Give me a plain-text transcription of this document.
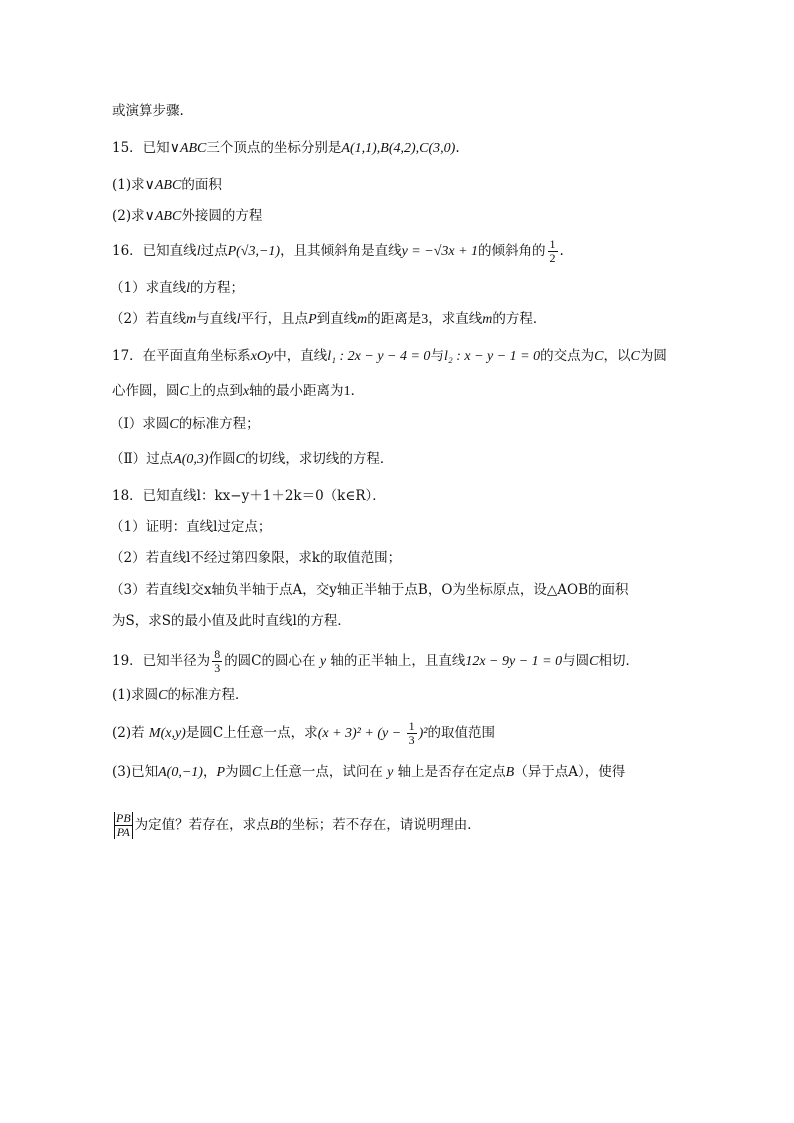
或演算步骤.
15．已知∨ABC三个顶点的坐标分别是A(1,1),B(4,2),C(3,0).
(1)求∨ABC的面积
(2)求∨ABC外接圆的方程
16．已知直线l过点P(√3,−1)，且其倾斜角是直线y = −√3x + 1的倾斜角的 $\frac{1}{2}$ .
（1）求直线l的方程；
（2）若直线m与直线l平行，且点P到直线m的距离是3，求直线m的方程．
17．在平面直角坐标系xOy中，直线l₁ : 2x − y − 4 = 0与l₂ : x − y − 1 = 0的交点为C，以C为圆
心作圆，圆C上的点到x轴的最小距离为1．
（Ⅰ）求圆C的标准方程；
（Ⅱ）过点A(0,3)作圆C的切线，求切线的方程．
18．已知直线l：kx−y＋1＋2k＝0（k∈R）．
（1）证明：直线l过定点；
（2）若直线l不经过第四象限，求k的取值范围；
（3）若直线l交x轴负半轴于点A，交y轴正半轴于点B，O为坐标原点，设△AOB的面积
为S，求S的最小值及此时直线l的方程．
19．已知半径为 $\frac{8}{3}$ 的圆C的圆心在 y 轴的正半轴上，且直线12x − 9y − 1 = 0与圆C相切．
(1)求圆C的标准方程．
(2)若 M(x,y)是圆C上任意一点，求$(x + 3)^2 + (y - \frac{1}{3} )^2$的取值范围
(3)已知A(0,−1)，P为圆C上任意一点，试问在 y 轴上是否存在定点B（异于点A），使得
$\frac{PB}{PA}$ 为定值？若存在，求点B的坐标；若不存在，请说明理由．
